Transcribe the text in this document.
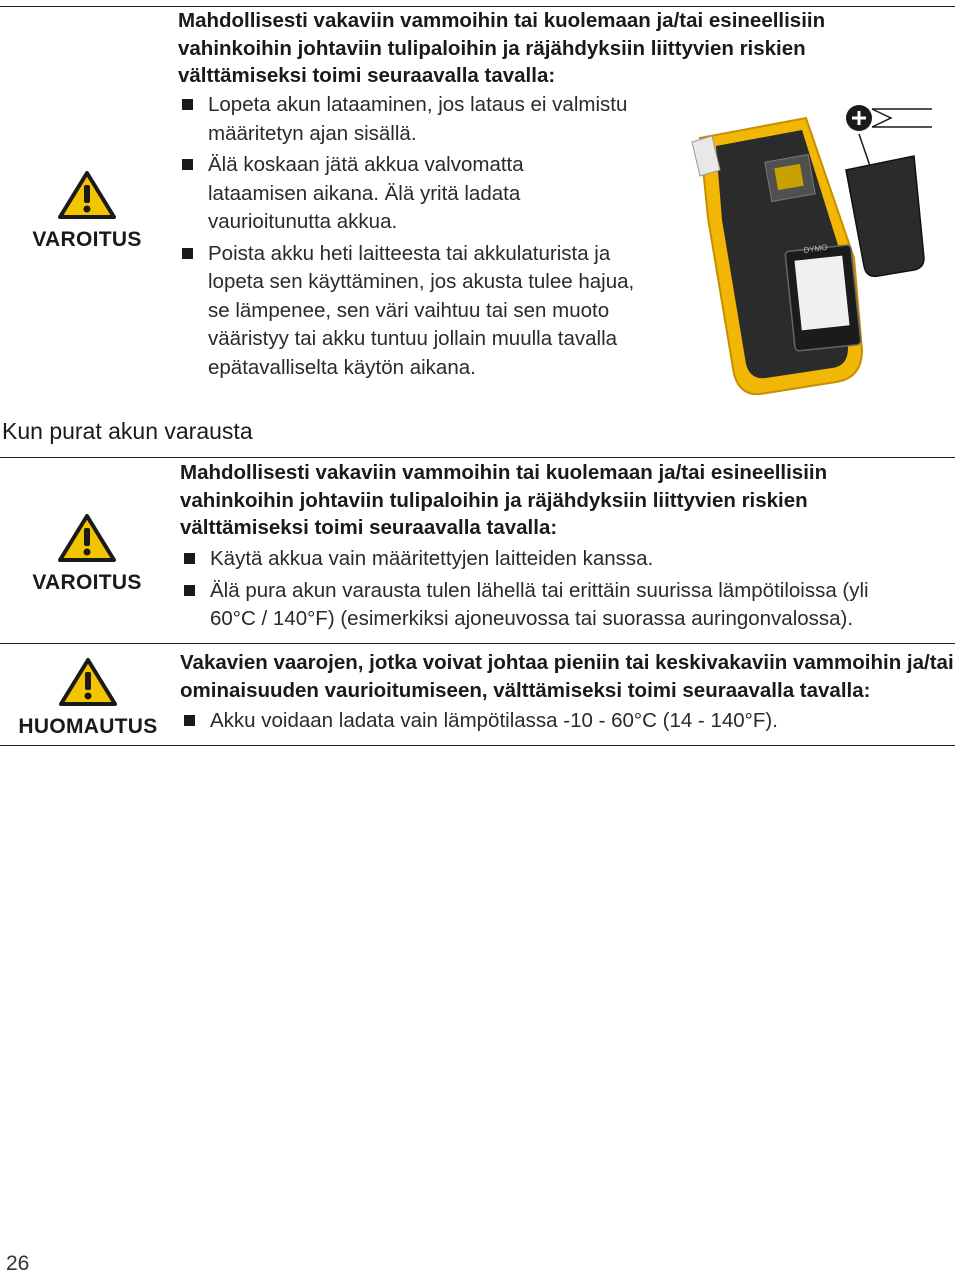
VAROITUS
Mahdollisesti vakaviin vammoihin tai kuolemaan ja/tai esineellisiin vahinkoihin johtaviin tulipaloihin ja räjähdyksiin liittyvien riskien välttämiseksi toimi seuraavalla tavalla:
Lopeta akun lataaminen, jos lataus ei valmistu määritetyn ajan sisällä.
Älä koskaan jätä akkua valvomatta lataamisen aikana. Älä yritä ladata vaurioitunutta akkua.
Poista akku heti laitteesta tai akkulaturista ja lopeta sen käyttäminen, jos akusta tulee hajua, se lämpenee, sen väri vaihtuu tai sen muoto vääristyy tai akku tuntuu jollain muulla tavalla epätavalliselta käytön aikana.
DYMO
Kun purat akun varausta
VAROITUS
Mahdollisesti vakaviin vammoihin tai kuolemaan ja/tai esineellisiin vahinkoihin johtaviin tulipaloihin ja räjähdyksiin liittyvien riskien välttämiseksi toimi seuraavalla tavalla:
Käytä akkua vain määritettyjen laitteiden kanssa.
Älä pura akun varausta tulen lähellä tai erittäin suurissa lämpötiloissa (yli 60°C / 140°F) (esimerkiksi ajoneuvossa tai suorassa auringonvalossa).
HUOMAUTUS
Vakavien vaarojen, jotka voivat johtaa pieniin tai keskivakaviin vammoihin ja/tai ominaisuuden vaurioitumiseen, välttämiseksi toimi seuraavalla tavalla:
Akku voidaan ladata vain lämpötilassa -10 - 60°C (14 - 140°F).
26
